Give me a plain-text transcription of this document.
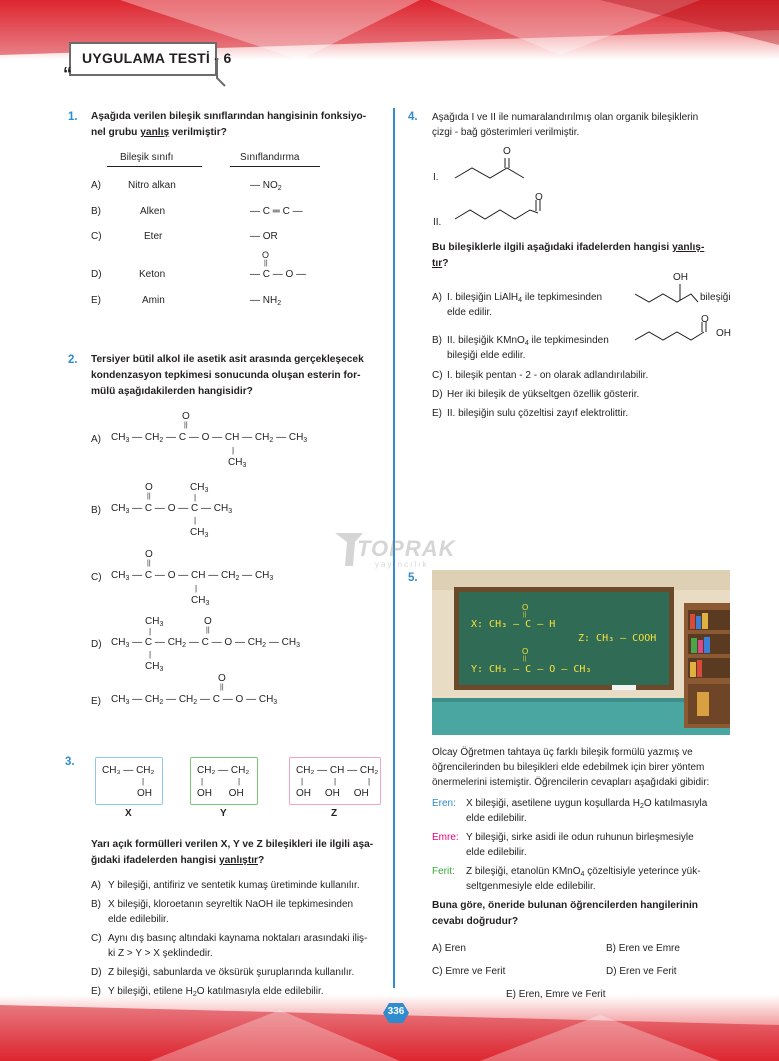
“
UYGULAMA TESTİ - 6
1. Aşağıda verilen bileşik sınıflarından hangisinin fonksiyo-
nel grubu yanlış verilmiştir?
Bileşik sınıfı	Sınıflandırma
A)	Nitro alkan	— $NO_2$
B)	Alken	— C ═ C —
C)	Eter	— OR
O
||
D)	Keton	— C — O —
E)	Amin	— $NH_2$
2. Tersiyer bütil alkol ile asetik asit arasında gerçekleşecek
kondenzasyon tepkimesi sonucunda oluşan esterin for-
mülü aşağıdakilerden hangisidir?
A) $CH_3$ — $CH_2$ — C — O — CH — $CH_2$ — $CH_3$
O
||
|
$CH_3$
B) $CH_3$ — C — O — C — $CH_3$
O
||
$CH_3$
|
|
$CH_3$
C) $CH_3$ — C — O — CH — $CH_2$ — $CH_3$
O
||
|
$CH_3$
D) $CH_3$ — C — $CH_2$ — C — O — $CH_2$ — $CH_3$
$CH_3$
|
|
$CH_3$
O
||
E) $CH_3$ — $CH_2$ — $CH_2$ — C — O — $CH_3$
O
||
3.
CH₃ — CH₂
|
OH
X
CH₂ — CH₂
|	|
OH      OH
Y
CH₂ — CH — CH₂
|	|	|
OH     OH     OH
Z
Yarı açık formülleri verilen X, Y ve Z bileşikleri ile ilgili aşa-
ğıdaki ifadelerden hangisi yanlıştır?
A) Y bileşiği, antifiriz ve sentetik kumaş üretiminde kullanılır.
B) X bileşiği, kloroetanın seyreltik NaOH ile tepkimesinden
elde edilebilir.
C) Aynı dış basınç altındaki kaynama noktaları arasındaki iliş-
ki Z > Y > X şeklindedir.
D) Z bileşiği, sabunlarda ve öksürük şuruplarında kullanılır.
E) Y bileşiği, etilene $H_2O$ katılmasıyla elde edilebilir.
4. Aşağıda I ve II ile numaralandırılmış olan organik bileşiklerin
çizgi - bağ gösterimleri verilmiştir.
I.
O
II.
O
Bu bileşiklerle ilgili aşağıdaki ifadelerden hangisi yanlış-
tır?
A) I. bileşiğin LiAlH$_4$ ile tepkimesinden
OH
bileşiği
elde edilir.
B) II. bileşiğik KMnO$_4$ ile tepkimesinden
O
OH
bileşiği elde edilir.
C) I. bileşik pentan - 2 - on olarak adlandırılabilir.
D) Her iki bileşik de yükseltgen özellik gösterir.
E) II. bileşiğin sulu çözeltisi zayıf elektrolittir.
TOPRAK
yayıncılık
5.
X: CH₃ — C — H
O
||
Z: CH₃ — COOH
Y: CH₃ — C — O — CH₃
O
||
Olcay Öğretmen tahtaya üç farklı bileşik formülü yazmış ve
öğrencilerinden bu bileşikleri elde edebilmek için birer yöntem
önermelerini istemiştir. Öğrencilerin cevapları aşağıdaki gibidir:
Eren: X bileşiği, asetilene uygun koşullarda $H_2O$ katılmasıyla
elde edilebilir.
Emre: Y bileşiği, sirke asidi ile odun ruhunun birleşmesiyle
elde edilebilir.
Ferit: Z bileşiği, etanolün KMnO$_4$ çözeltisiyle yeterince yük-
seltgenmesiyle elde edilebilir.
Buna göre, öneride bulunan öğrencilerden hangilerinin
cevabı doğrudur?
A) Eren	B) Eren ve Emre
C) Emre ve Ferit	D) Eren ve Ferit
E) Eren, Emre ve Ferit
336
